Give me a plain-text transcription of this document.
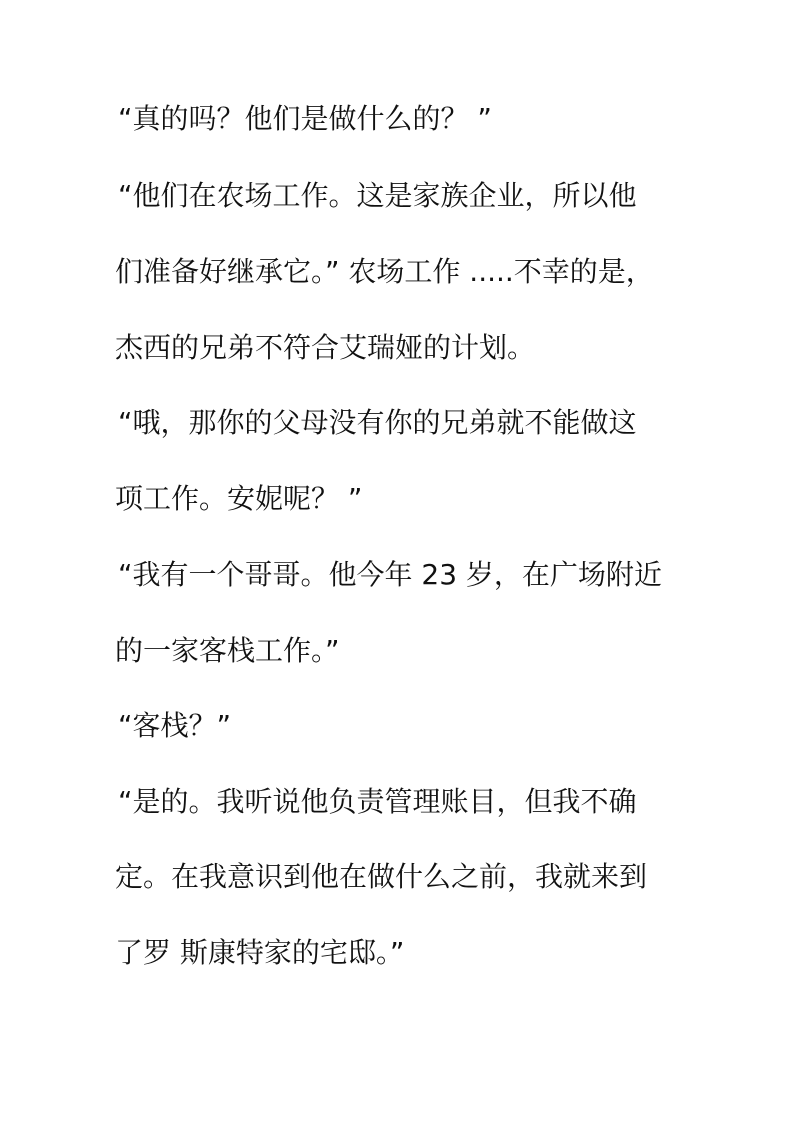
“真的吗？他们是做什么的？ ”
“他们在农场工作。这是家族企业，所以他
们准备好继承它。” 农场工作 .....不幸的是，
杰西的兄弟不符合艾瑞娅的计划。
“哦，那你的父母没有你的兄弟就不能做这
项工作。安妮呢？ ”
“我有一个哥哥。他今年 23 岁，在广场附近
的一家客栈工作。”
“客栈？”
“是的。我听说他负责管理账目，但我不确
定。在我意识到他在做什么之前，我就来到
了罗 斯康特家的宅邸。”
